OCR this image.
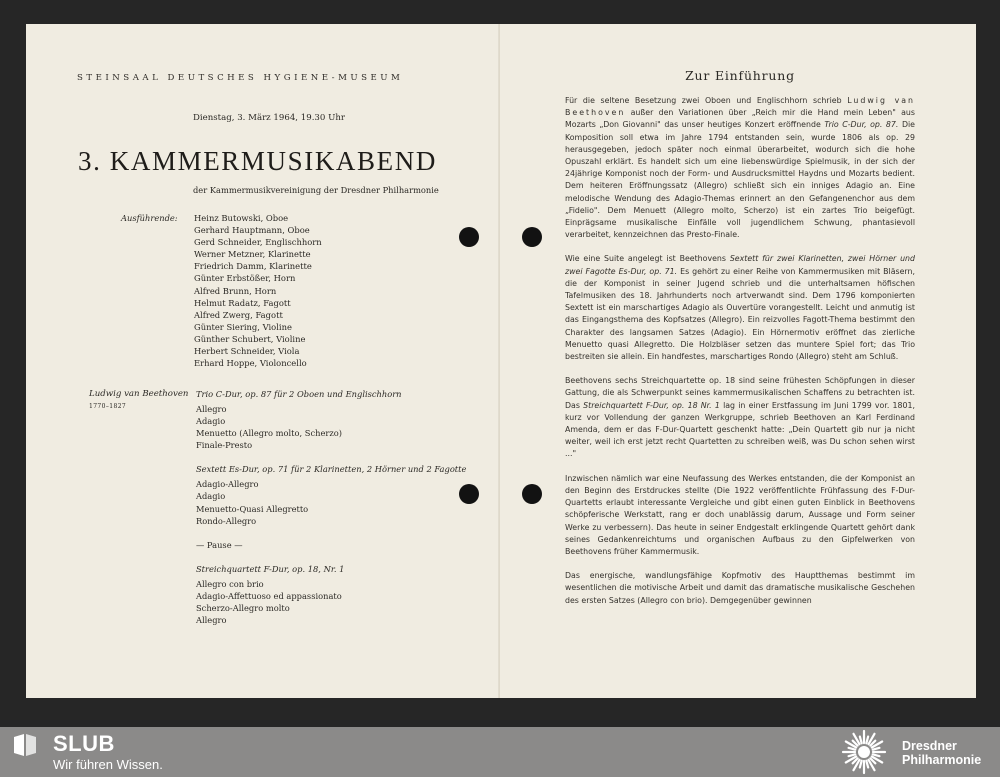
STEINSAAL DEUTSCHES HYGIENE-MUSEUM
Dienstag, 3. März 1964, 19.30 Uhr
3. KAMMERMUSIKABEND
der Kammermusikvereinigung der Dresdner Philharmonie
Ausführende: Heinz Butowski, Oboe
Gerhard Hauptmann, Oboe
Gerd Schneider, Englischhorn
Werner Metzner, Klarinette
Friedrich Damm, Klarinette
Günter Erbstößer, Horn
Alfred Brunn, Horn
Helmut Radatz, Fagott
Alfred Zwerg, Fagott
Günter Siering, Violine
Günther Schubert, Violine
Herbert Schneider, Viola
Erhard Hoppe, Violoncello
Ludwig van Beethoven
1770–1827
Trio C-Dur, op. 87 für 2 Oboen und Englischhorn
Allegro
Adagio
Menuetto (Allegro molto, Scherzo)
Finale-Presto
Sextett Es-Dur, op. 71 für 2 Klarinetten, 2 Hörner und 2 Fagotte
Adagio-Allegro
Adagio
Menuetto-Quasi Allegretto
Rondo-Allegro
— Pause —
Streichquartett F-Dur, op. 18, Nr. 1
Allegro con brio
Adagio-Affettuoso ed appassionato
Scherzo-Allegro molto
Allegro
Zur Einführung

Für die seltene Besetzung zwei Oboen und Englischhorn schrieb Ludwig van Beethoven außer den Variationen über „Reich mir die Hand mein Leben" aus Mozarts „Don Giovanni" das unser heutiges Konzert eröffnende Trio C-Dur, op. 87. Die Komposition soll etwa im Jahre 1794 entstanden sein, wurde 1806 als op. 29 herausgegeben, jedoch später noch einmal überarbeitet, wodurch sich die hohe Opuszahl erklärt. Es handelt sich um eine liebenswürdige Spielmusik, in der sich der 24jährige Komponist noch der Form- und Ausdrucksmittel Haydns und Mozarts bedient. Dem heiteren Eröffnungssatz (Allegro) schließt sich ein inniges Adagio an. Eine melodische Wendung des Adagio-Themas erinnert an den Gefangenenchor aus dem „Fidelio". Dem Menuett (Allegro molto, Scherzo) ist ein zartes Trio beigefügt. Einprägsame musikalische Einfälle voll jugendlichem Schwung, phantasievoll verarbeitet, kennzeichnen das Presto-Finale.

Wie eine Suite angelegt ist Beethovens Sextett für zwei Klarinetten, zwei Hörner und zwei Fagotte Es-Dur, op. 71. Es gehört zu einer Reihe von Kammermusiken mit Bläsern, die der Komponist in seiner Jugend schrieb und die unterhaltsamen höfischen Tafelmusiken des 18. Jahrhunderts noch artverwandt sind. Dem 1796 komponierten Sextett ist ein marschartiges Adagio als Ouvertüre vorangestellt. Leicht und anmutig ist das Eingangsthema des Kopfsatzes (Allegro). Ein reizvolles Fagott-Thema bestimmt den Charakter des langsamen Satzes (Adagio). Ein Hörnermotiv eröffnet das zierliche Menuetto quasi Allegretto. Die Holzbläser setzen das muntere Spiel fort; das Trio bestreiten sie allein. Ein handfestes, marschartiges Rondo (Allegro) steht am Schluß.

Beethovens sechs Streichquartette op. 18 sind seine frühesten Schöpfungen in dieser Gattung, die als Schwerpunkt seines kammermusikalischen Schaffens zu betrachten ist. Das Streichquartett F-Dur, op. 18 Nr. 1 lag in einer Erstfassung im Juni 1799 vor. 1801, kurz vor Vollendung der ganzen Werkgruppe, schrieb Beethoven an Karl Ferdinand Amenda, dem er das F-Dur-Quartett geschenkt hatte: „Dein Quartett gib nur ja nicht weiter, weil ich erst jetzt recht Quartetten zu schreiben weiß, was Du schon sehen wirst ..."

Inzwischen nämlich war eine Neufassung des Werkes entstanden, die der Komponist an den Beginn des Erstdruckes stellte (Die 1922 veröffentlichte Frühfassung des F-Dur-Quartetts erlaubt interessante Vergleiche und gibt einen guten Einblick in Beethovens schöpferische Werkstatt, rang er doch unablässig darum, Aussage und Form seiner Werke zu verbessern). Das heute in seiner Endgestalt erklingende Quartett gehört dank seines Gedankenreichtums und organischen Aufbaus zu den Gipfelwerken von Beethovens früher Kammermusik.

Das energische, wandlungsfähige Kopfmotiv des Hauptthemas bestimmt im wesentlichen die motivische Arbeit und damit das dramatische musikalische Geschehen des ersten Satzes (Allegro con brio). Demgegenüber gewinnen

SLUB
Wir führen Wissen.
Dresdner
Philharmonie
